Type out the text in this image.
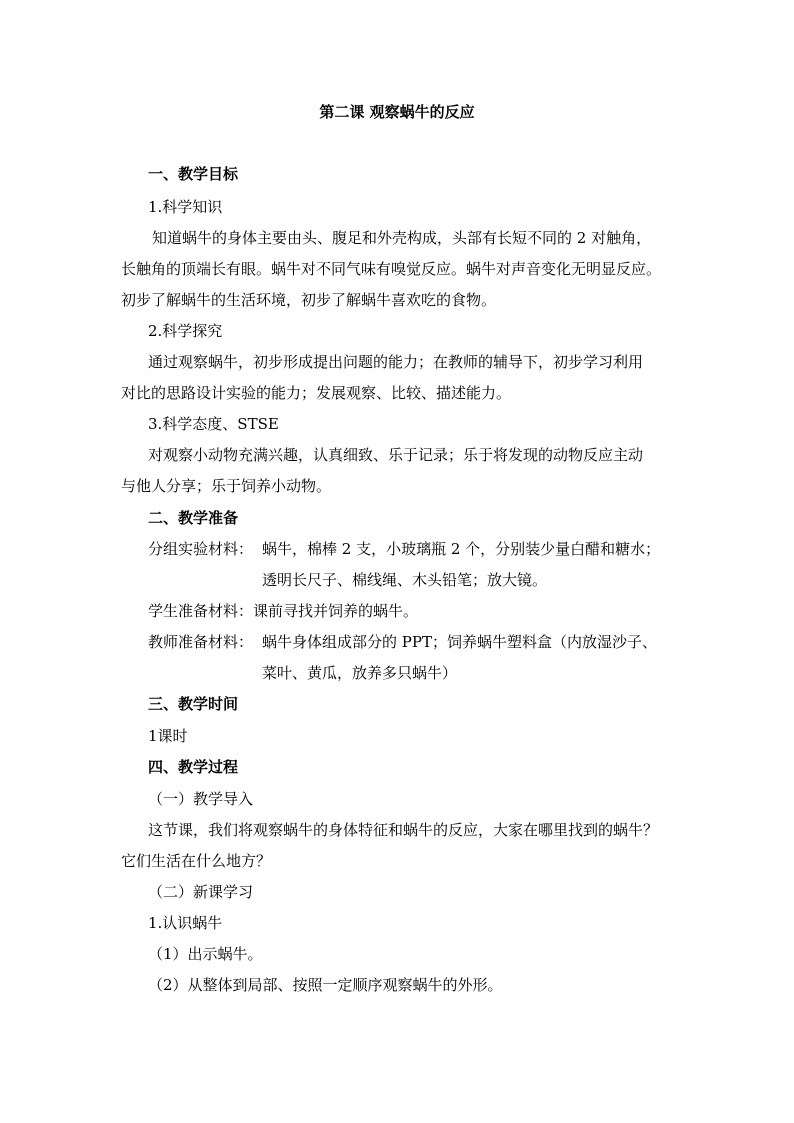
第二课 观察蜗牛的反应
一、教学目标
1.科学知识
知道蜗牛的身体主要由头、腹足和外壳构成，头部有长短不同的 2 对触角，
长触角的顶端长有眼。蜗牛对不同气味有嗅觉反应。蜗牛对声音变化无明显反应。
初步了解蜗牛的生活环境，初步了解蜗牛喜欢吃的食物。
2.科学探究
通过观察蜗牛，初步形成提出问题的能力；在教师的辅导下，初步学习利用
对比的思路设计实验的能力；发展观察、比较、描述能力。
3.科学态度、STSE
对观察小动物充满兴趣，认真细致、乐于记录；乐于将发现的动物反应主动
与他人分享；乐于饲养小动物。
二、教学准备
分组实验材料： 蜗牛，棉棒 2 支，小玻璃瓶 2 个，分别装少量白醋和糖水；
透明长尺子、棉线绳、木头铅笔；放大镜。
学生准备材料：课前寻找并饲养的蜗牛。
教师准备材料： 蜗牛身体组成部分的 PPT；饲养蜗牛塑料盒（内放湿沙子、
菜叶、黄瓜，放养多只蜗牛）
三、教学时间
1课时
四、教学过程
（一）教学导入
这节课，我们将观察蜗牛的身体特征和蜗牛的反应，大家在哪里找到的蜗牛？
它们生活在什么地方？
（二）新课学习
1.认识蜗牛
（1）出示蜗牛。
（2）从整体到局部、按照一定顺序观察蜗牛的外形。
